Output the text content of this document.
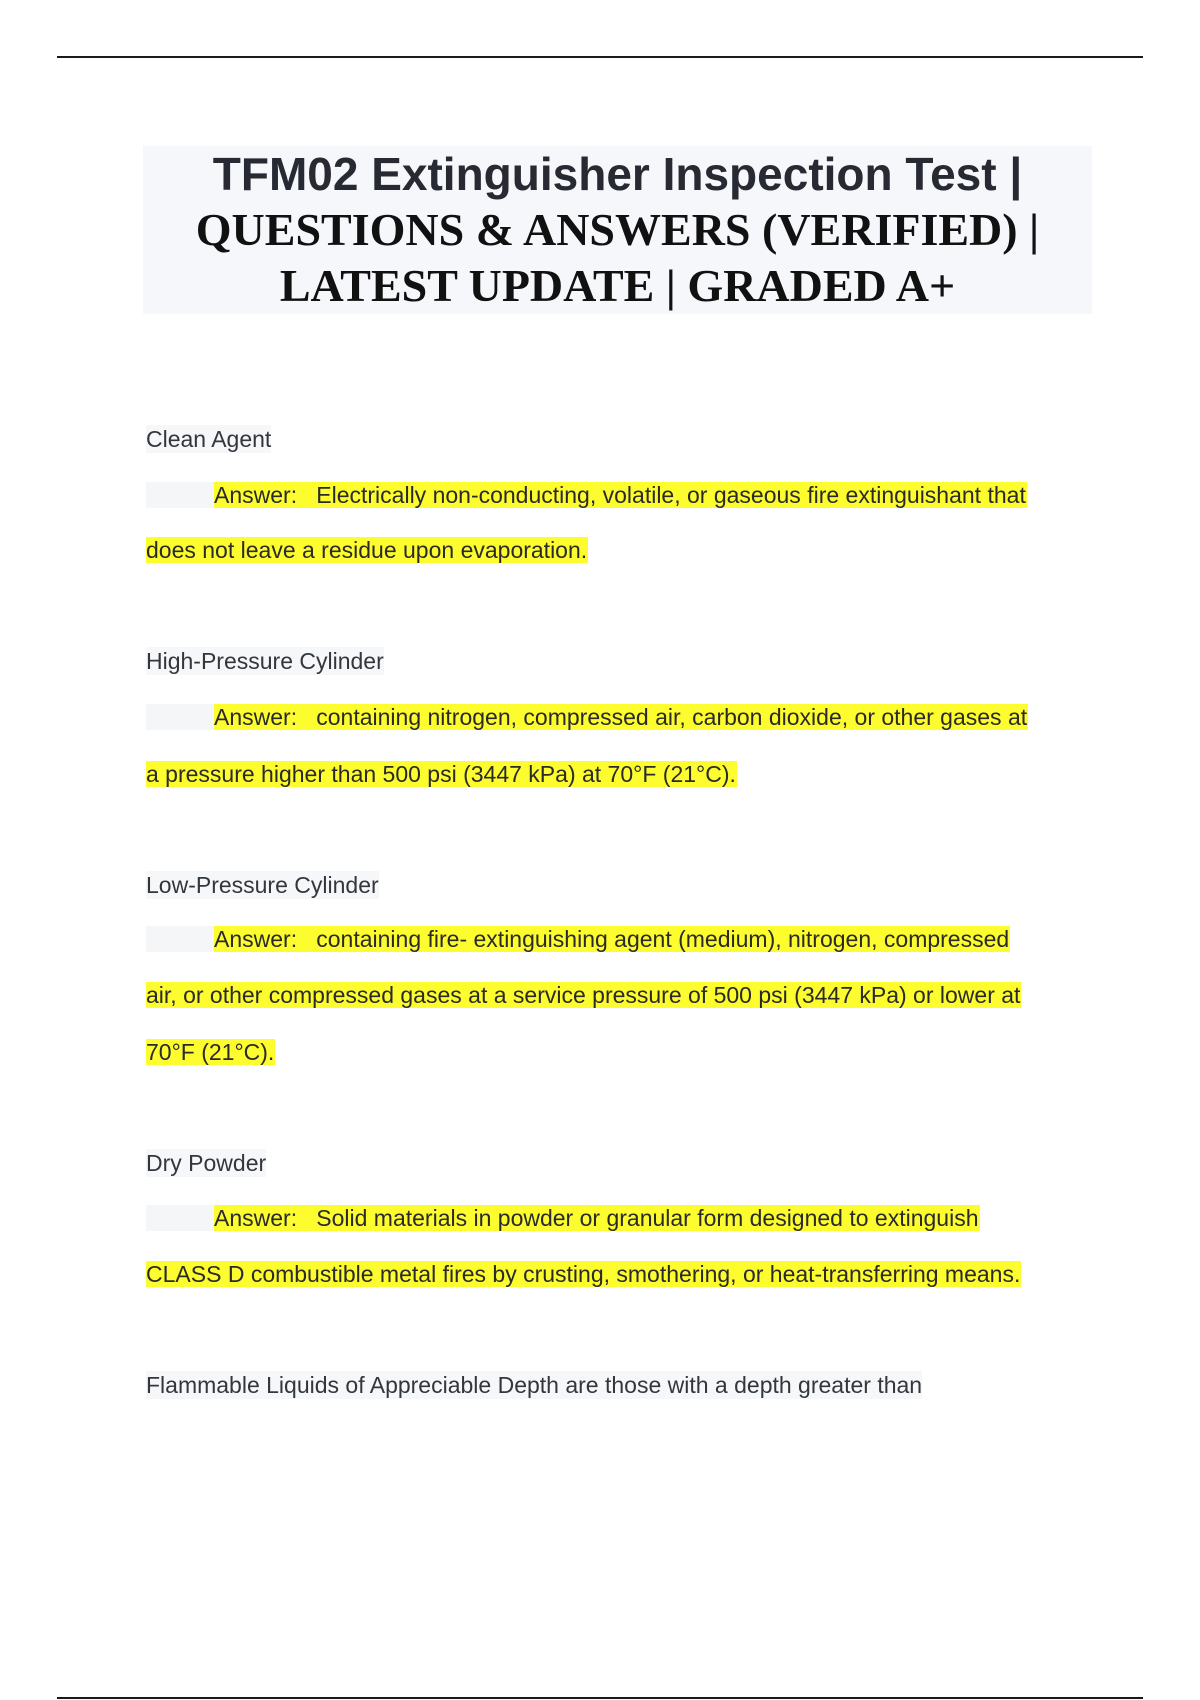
TFM02 Extinguisher Inspection Test |
QUESTIONS & ANSWERS (VERIFIED) |
LATEST UPDATE | GRADED A+
Clean Agent
Answer: Electrically non-conducting, volatile, or gaseous fire extinguishant that
does not leave a residue upon evaporation.
High-Pressure Cylinder
Answer: containing nitrogen, compressed air, carbon dioxide, or other gases at
a pressure higher than 500 psi (3447 kPa) at 70°F (21°C).
Low-Pressure Cylinder
Answer: containing fire- extinguishing agent (medium), nitrogen, compressed
air, or other compressed gases at a service pressure of 500 psi (3447 kPa) or lower at
70°F (21°C).
Dry Powder
Answer: Solid materials in powder or granular form designed to extinguish
CLASS D combustible metal fires by crusting, smothering, or heat-transferring means.
Flammable Liquids of Appreciable Depth are those with a depth greater than
